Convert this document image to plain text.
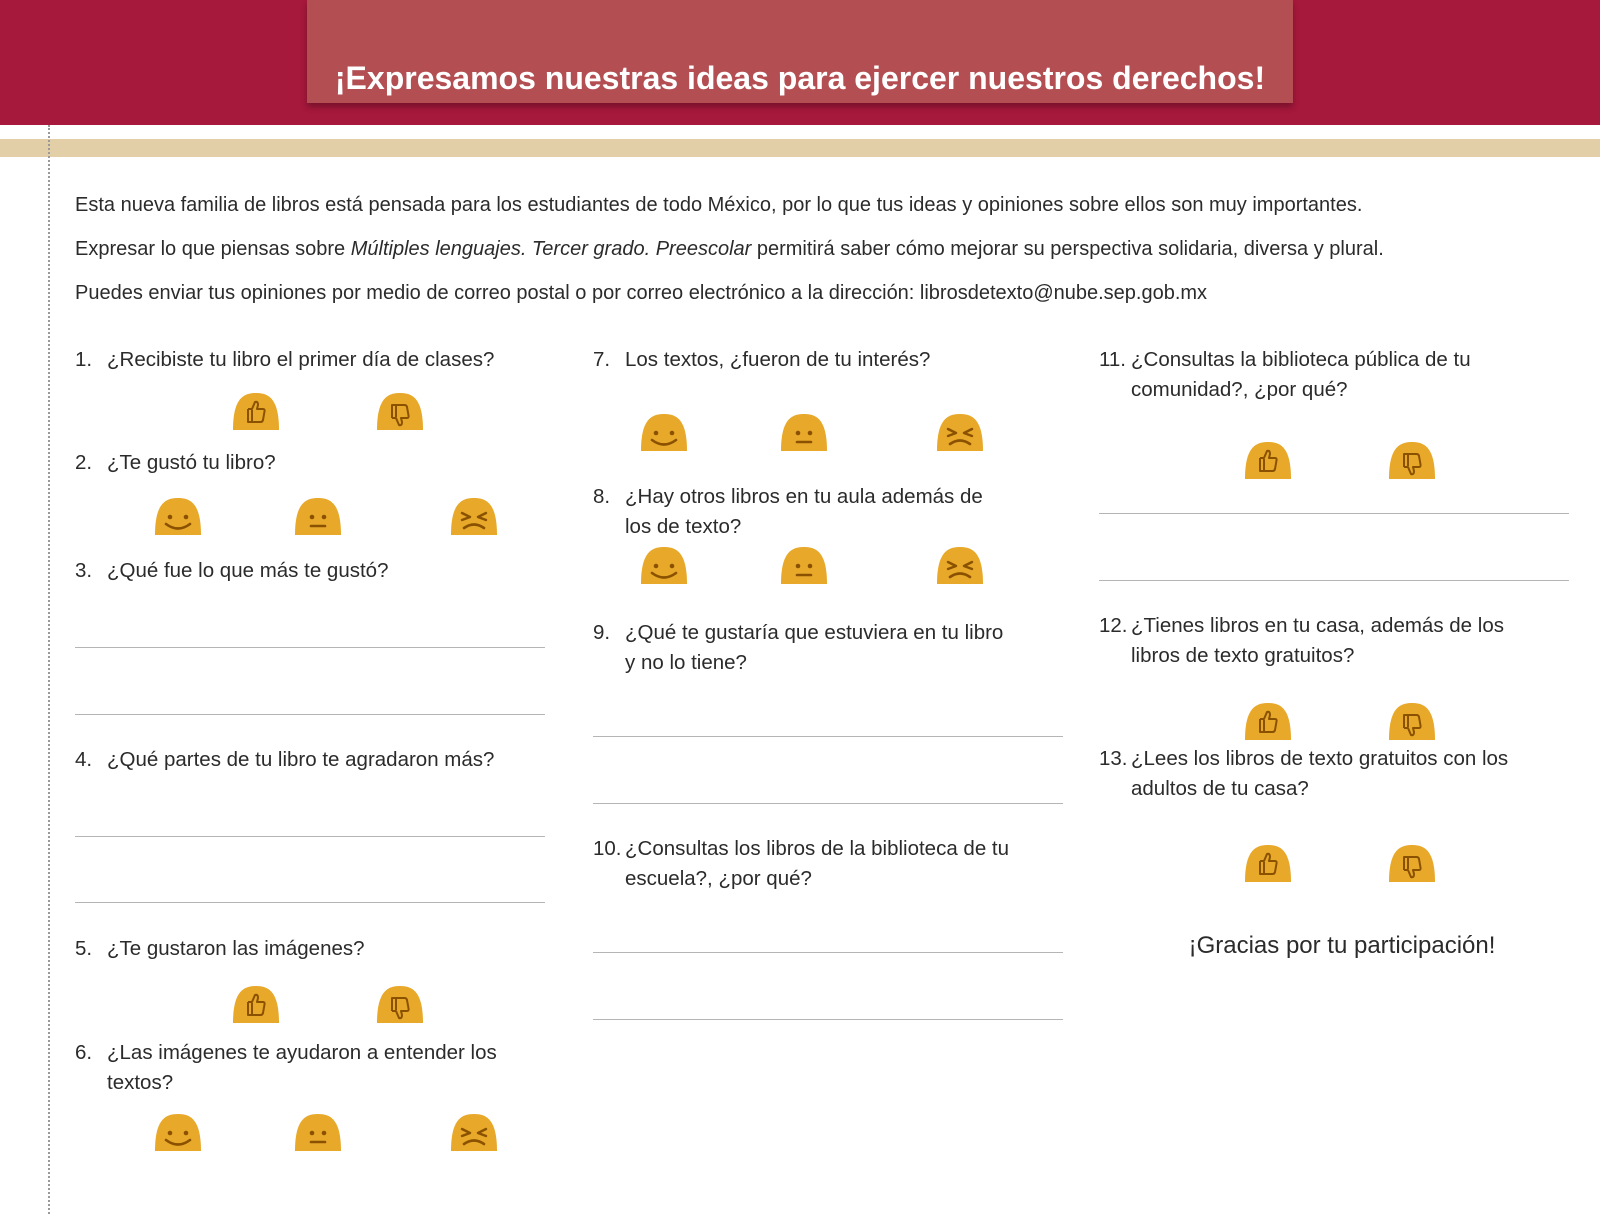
¡Expresamos nuestras ideas para ejercer nuestros derechos!
Esta nueva familia de libros está pensada para los estudiantes de todo México, por lo que tus ideas y opiniones sobre ellos son muy importantes.
Expresar lo que piensas sobre Múltiples lenguajes. Tercer grado. Preescolar permitirá saber cómo mejorar su perspectiva solidaria, diversa y plural.
Puedes enviar tus opiniones por medio de correo postal o por correo electrónico a la dirección: librosdetexto@nube.sep.gob.mx
1. ¿Recibiste tu libro el primer día de clases?
2. ¿Te gustó tu libro?
3. ¿Qué fue lo que más te gustó?
4. ¿Qué partes de tu libro te agradaron más?
5. ¿Te gustaron las imágenes?
6. ¿Las imágenes te ayudaron a entender los
textos?
7. Los textos, ¿fueron de tu interés?
8. ¿Hay otros libros en tu aula además de
los de texto?
9. ¿Qué te gustaría que estuviera en tu libro
y no lo tiene?
10. ¿Consultas los libros de la biblioteca de tu
escuela?, ¿por qué?
11. ¿Consultas la biblioteca pública de tu
comunidad?, ¿por qué?
12. ¿Tienes libros en tu casa, además de los
libros de texto gratuitos?
13. ¿Lees los libros de texto gratuitos con los
adultos de tu casa?
¡Gracias por tu participación!
